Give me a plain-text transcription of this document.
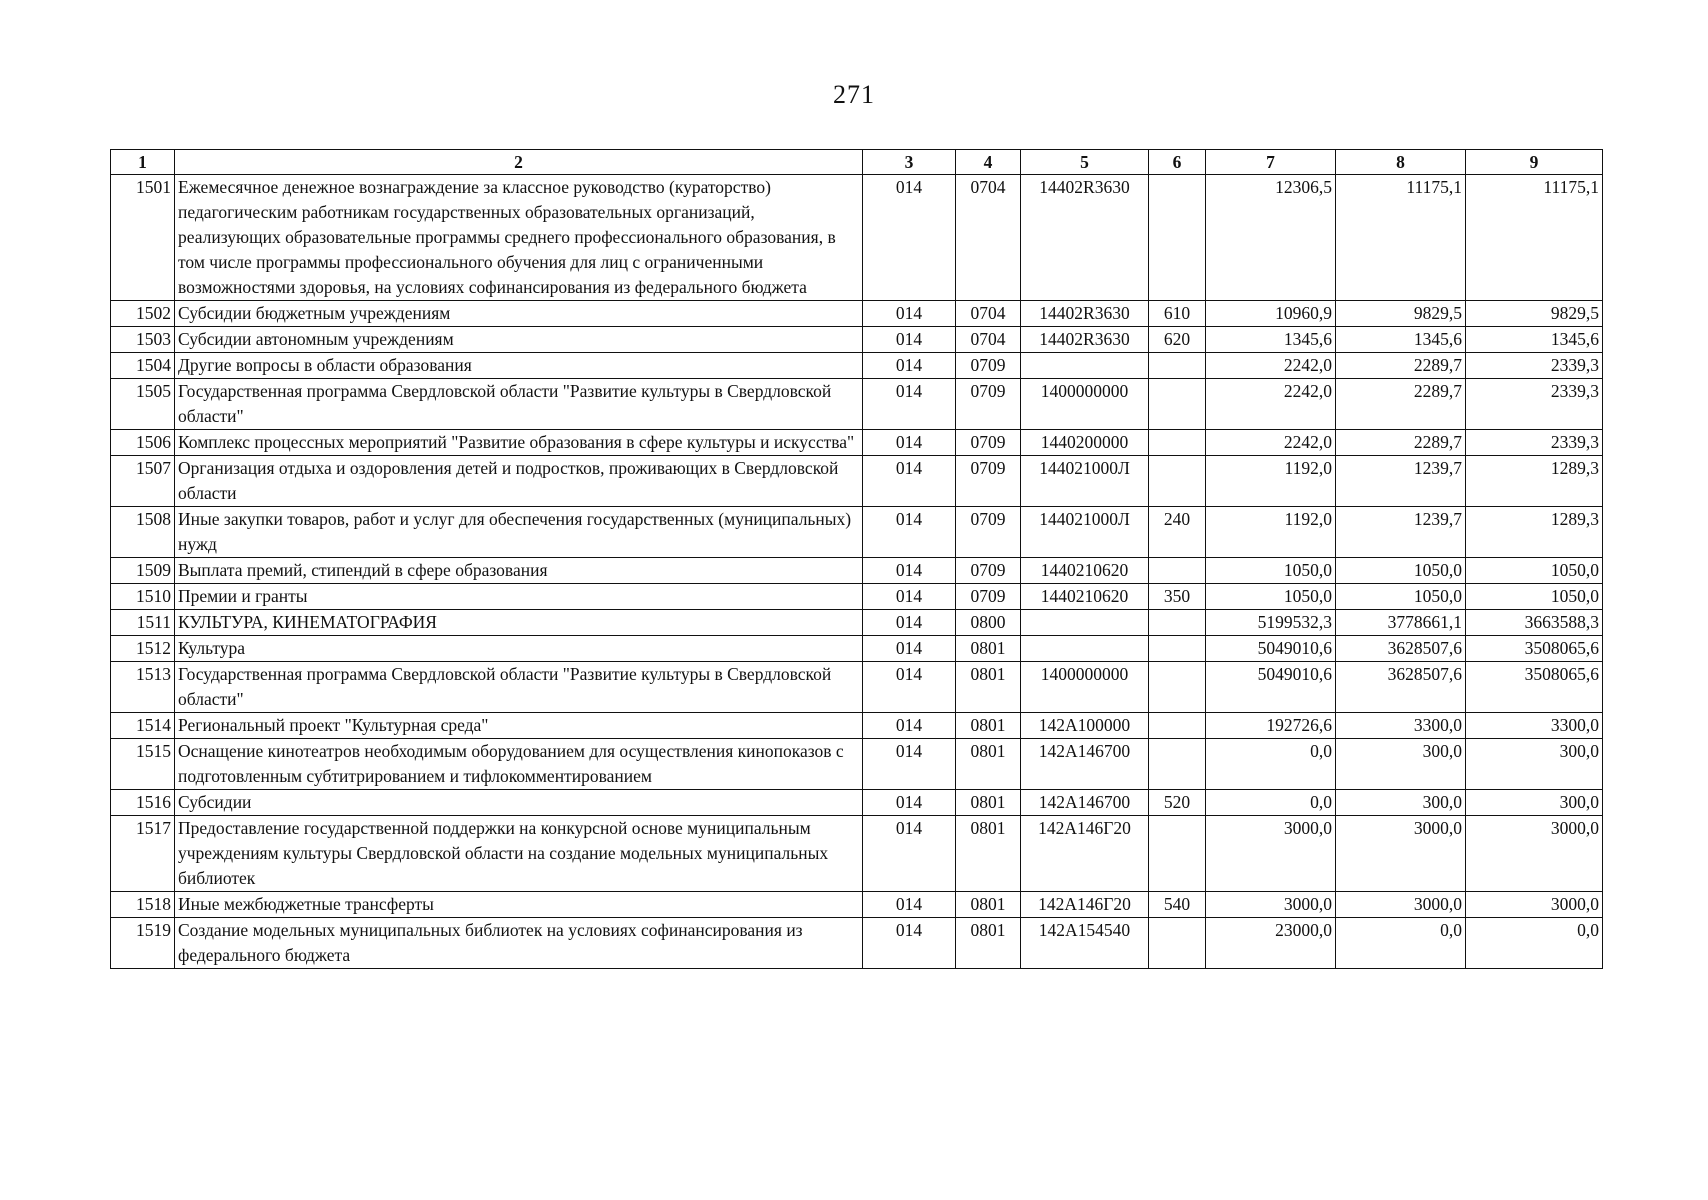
271
1	2	3	4	5	6	7	8	9
1501	Ежемесячное денежное вознаграждение за классное руководство (кураторство) педагогическим работникам государственных образовательных организаций, реализующих образовательные программы среднего профессионального образования, в том числе программы профессионального обучения для лиц с ограниченными возможностями здоровья, на условиях софинансирования из федерального бюджета	014	0704	14402R3630		12306,5	11175,1	11175,1
1502	Субсидии бюджетным учреждениям	014	0704	14402R3630	610	10960,9	9829,5	9829,5
1503	Субсидии автономным учреждениям	014	0704	14402R3630	620	1345,6	1345,6	1345,6
1504	Другие вопросы в области образования	014	0709			2242,0	2289,7	2339,3
1505	Государственная программа Свердловской области "Развитие культуры в Свердловской области"	014	0709	1400000000		2242,0	2289,7	2339,3
1506	Комплекс процессных мероприятий "Развитие образования в сфере культуры и искусства"	014	0709	1440200000		2242,0	2289,7	2339,3
1507	Организация отдыха и оздоровления детей и подростков, проживающих в Свердловской области	014	0709	144021000Л		1192,0	1239,7	1289,3
1508	Иные закупки товаров, работ и услуг для обеспечения государственных (муниципальных) нужд	014	0709	144021000Л	240	1192,0	1239,7	1289,3
1509	Выплата премий, стипендий в сфере образования	014	0709	1440210620		1050,0	1050,0	1050,0
1510	Премии и гранты	014	0709	1440210620	350	1050,0	1050,0	1050,0
1511	КУЛЬТУРА, КИНЕМАТОГРАФИЯ	014	0800			5199532,3	3778661,1	3663588,3
1512	Культура	014	0801			5049010,6	3628507,6	3508065,6
1513	Государственная программа Свердловской области "Развитие культуры в Свердловской области"	014	0801	1400000000		5049010,6	3628507,6	3508065,6
1514	Региональный проект "Культурная среда"	014	0801	142A100000		192726,6	3300,0	3300,0
1515	Оснащение кинотеатров необходимым оборудованием для осуществления кинопоказов с подготовленным субтитрированием и тифлокомментированием	014	0801	142A146700		0,0	300,0	300,0
1516	Субсидии	014	0801	142A146700	520	0,0	300,0	300,0
1517	Предоставление государственной поддержки на конкурсной основе муниципальным учреждениям культуры Свердловской области на создание модельных муниципальных библиотек	014	0801	142A146Г20		3000,0	3000,0	3000,0
1518	Иные межбюджетные трансферты	014	0801	142A146Г20	540	3000,0	3000,0	3000,0
1519	Создание модельных муниципальных библиотек на условиях софинансирования из федерального бюджета	014	0801	142A154540		23000,0	0,0	0,0
